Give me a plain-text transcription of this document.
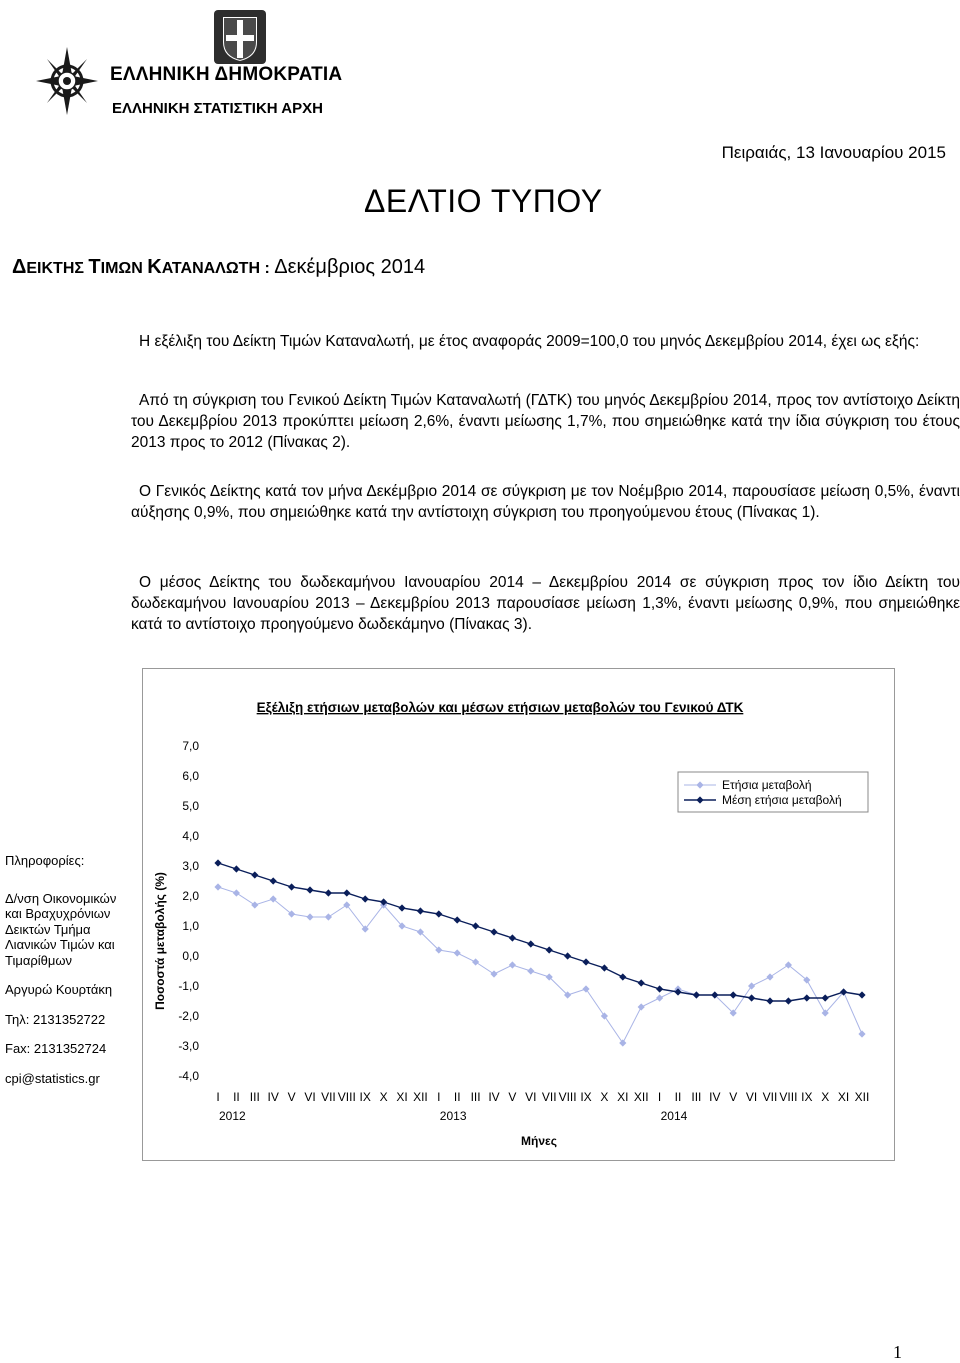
ΕΛΛΗΝΙΚΗ ΔΗΜΟΚΡΑΤΙΑ
ΕΛΛΗΝΙΚΗ ΣΤΑΤΙΣΤΙΚΗ ΑΡΧΗ
Πειραιάς, 13 Ιανουαρίου 2015
ΔΕΛΤΙΟ ΤΥΠΟΥ
ΔΕΙΚΤΗΣ ΤΙΜΩΝ ΚΑΤΑΝΑΛΩΤΗ : Δεκέμβριος 2014
Η εξέλιξη του Δείκτη Τιμών Καταναλωτή, με έτος αναφοράς 2009=100,0 του μηνός Δεκεμβρίου 2014, έχει ως εξής:
Από τη σύγκριση του Γενικού Δείκτη Τιμών Καταναλωτή (ΓΔΤΚ) του μηνός Δεκεμβρίου 2014, προς τον αντίστοιχο Δείκτη του Δεκεμβρίου 2013 προκύπτει μείωση 2,6%, έναντι μείωσης 1,7%, που σημειώθηκε κατά την ίδια σύγκριση του έτους 2013 προς το 2012 (Πίνακας 2).
Ο Γενικός Δείκτης κατά τον μήνα Δεκέμβριο 2014 σε σύγκριση με τον Νοέμβριο 2014, παρουσίασε μείωση 0,5%, έναντι αύξησης 0,9%, που σημειώθηκε κατά την αντίστοιχη σύγκριση του προηγούμενου έτους (Πίνακας 1).
Ο μέσος Δείκτης του δωδεκαμήνου Ιανουαρίου 2014 – Δεκεμβρίου 2014 σε σύγκριση προς τον ίδιο Δείκτη του δωδεκαμήνου Ιανουαρίου 2013 – Δεκεμβρίου 2013 παρουσίασε μείωση 1,3%, έναντι μείωσης 0,9%, που σημειώθηκε κατά το αντίστοιχο προηγούμενο δωδεκάμηνο (Πίνακας 3).
Εξέλιξη ετήσιων μεταβολών και μέσων ετήσιων μεταβολών του Γενικού ΔΤΚ
7,0
6,0
5,0
4,0
3,0
2,0
1,0
0,0
-1,0
-2,0
-3,0
-4,0
Ποσοστά μεταβολής (%)
I II III IV V VI VII VIII IX X XI XII I II III IV V VI VII VIII IX X XI XII I II III IV V VI VII VIII IX X XI XII
2012	2013	2014
Μήνες
Ετήσια μεταβολή
Μέση ετήσια μεταβολή
Πληροφορίες:
Δ/νση Οικονομικών και Βραχυχρόνιων Δεικτών Τμήμα Λιανικών Τιμών και Τιμαρίθμων
Αργυρώ Κουρτάκη
Τηλ: 2131352722
Fax: 2131352724
cpi@statistics.gr
1
